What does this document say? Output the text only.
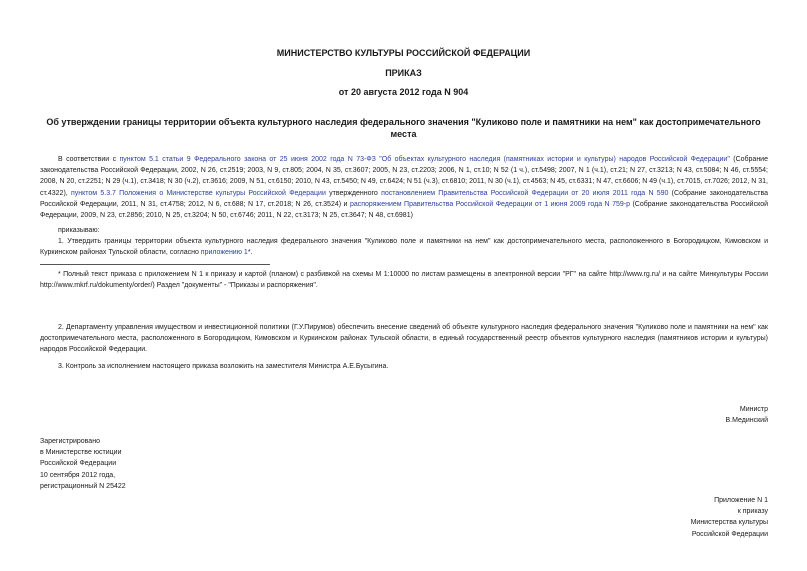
МИНИСТЕРСТВО КУЛЬТУРЫ РОССИЙСКОЙ ФЕДЕРАЦИИ
ПРИКАЗ
от 20 августа 2012 года N 904
Об утверждении границы территории объекта культурного наследия федерального значения "Куликово поле и памятники на нем" как достопримечательного места
В соответствии с пунктом 5.1 статьи 9 Федерального закона от 25 июня 2002 года N 73-ФЗ "Об объектах культурного наследия (памятниках истории и культуры) народов Российской Федерации" (Собрание законодательства Российской Федерации, 2002, N 26, ст.2519; 2003, N 9, ст.805; 2004, N 35, ст.3607; 2005, N 23, ст.2203; 2006, N 1, ст.10; N 52 (1 ч.), ст.5498; 2007, N 1 (ч.1), ст.21; N 27, ст.3213; N 43, ст.5084; N 46, ст.5554; 2008, N 20, ст.2251; N 29 (ч.1), ст.3418; N 30 (ч.2), ст.3616; 2009, N 51, ст.6150; 2010, N 43, ст.5450; N 49, ст.6424; N 51 (ч.3), ст.6810; 2011, N 30 (ч.1), ст.4563; N 45, ст.6331; N 47, ст.6606; N 49 (ч.1), ст.7015, ст.7026; 2012, N 31, ст.4322), пунктом 5.3.7 Положения о Министерстве культуры Российской Федерации утвержденного постановлением Правительства Российской Федерации от 20 июля 2011 года N 590 (Собрание законодательства Российской Федерации, 2011, N 31, ст.4758; 2012, N 6, ст.688; N 17, ст.2018; N 26, ст.3524) и распоряжением Правительства Российской Федерации от 1 июня 2009 года N 759-р (Собрание законодательства Российской Федерации, 2009, N 23, ст.2856; 2010, N 25, ст.3204; N 50, ст.6746; 2011, N 22, ст.3173; N 25, ст.3647; N 48, ст.6981)
приказываю:
1. Утвердить границы территории объекта культурного наследия федерального значения "Куликово поле и памятники на нем" как достопримечательного места, расположенного в Богородицком, Кимовском и Куркинском районах Тульской области, согласно приложению 1*.
* Полный текст приказа с приложением N 1 к приказу и картой (планом) с разбивкой на схемы М 1:10000 по листам размещены в электронной версии "РГ" на сайте http://www.rg.ru/ и на сайте Минкультуры России http://www.mkrf.ru/dokumenty/order/) Раздел "документы" - "Приказы и распоряжения".
2. Департаменту управления имуществом и инвестиционной политики (Г.У.Пирумов) обеспечить внесение сведений об объекте культурного наследия федерального значения "Куликово поле и памятники на нем" как достопримечательного места, расположенного в Богородицком, Кимовском и Куркинском районах Тульской области, в единый государственный реестр объектов культурного наследия (памятников истории и культуры) народов Российской Федерации.
3. Контроль за исполнением настоящего приказа возложить на заместителя Министра А.Е.Бусыгина.
Министр
В.Мединский
Зарегистрировано
в Министерстве юстиции
Российской Федерации
10 сентября 2012 года,
регистрационный N 25422
Приложение N 1
к приказу
Министерства культуры
Российской Федерации
